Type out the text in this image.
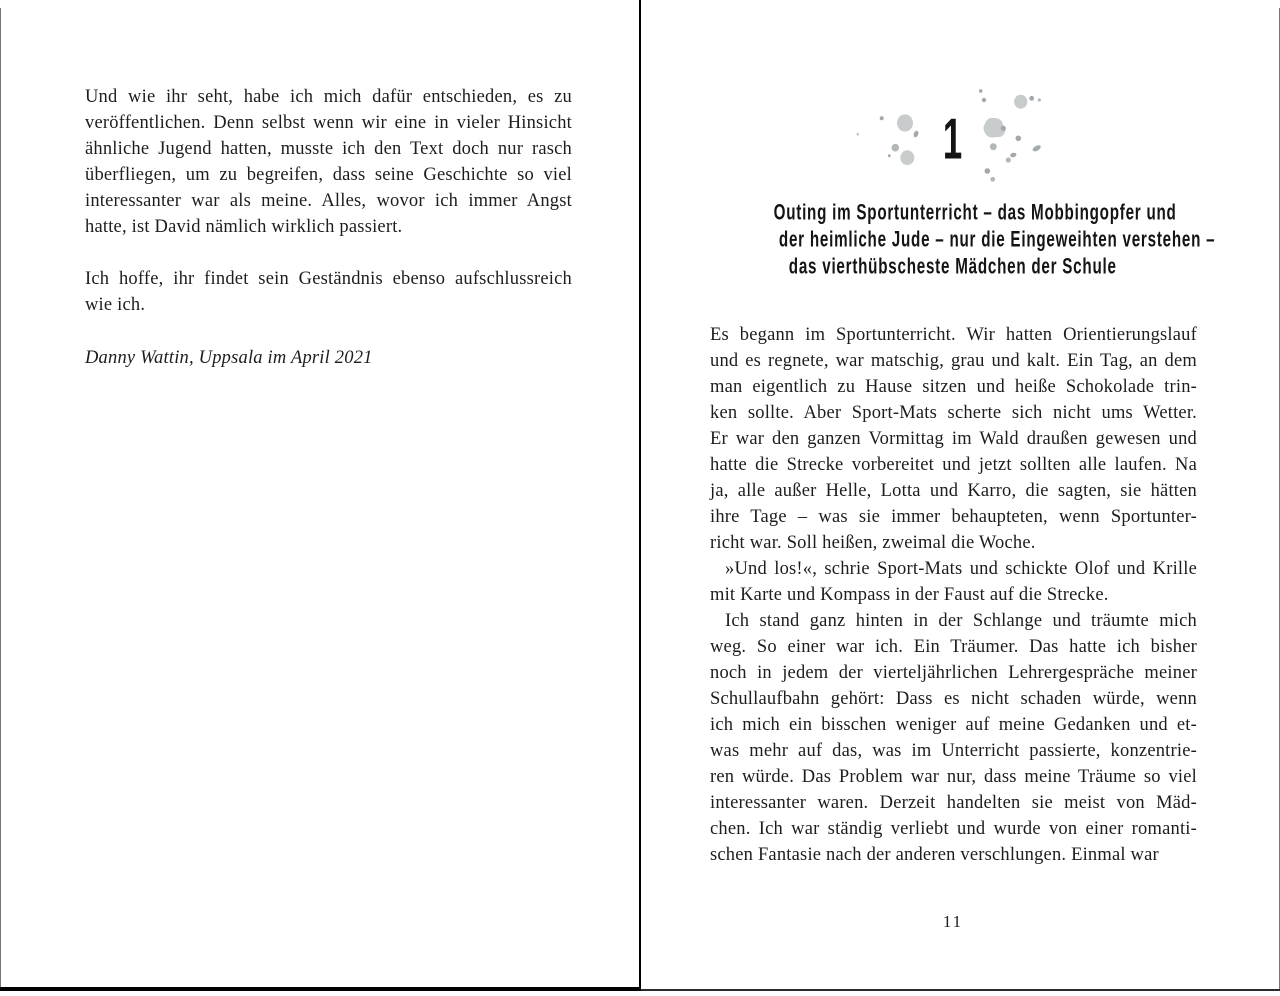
Und wie ihr seht, habe ich mich dafür entschieden, es zu
veröffentlichen. Denn selbst wenn wir eine in vieler Hinsicht
ähnliche Jugend hatten, musste ich den Text doch nur rasch
überfliegen, um zu begreifen, dass seine Geschichte so viel
interessanter war als meine. Alles, wovor ich immer Angst
hatte, ist David nämlich wirklich passiert.
Ich hoffe, ihr findet sein Geständnis ebenso aufschlussreich
wie ich.
Danny Wattin, Uppsala im April 2021
1
Outing im Sportunterricht – das Mobbingopfer und
der heimliche Jude – nur die Eingeweihten verstehen –
das vierthübscheste Mädchen der Schule
Es begann im Sportunterricht. Wir hatten Orientierungslauf
und es regnete, war matschig, grau und kalt. Ein Tag, an dem
man eigentlich zu Hause sitzen und heiße Schokolade trin-
ken sollte. Aber Sport-Mats scherte sich nicht ums Wetter.
Er war den ganzen Vormittag im Wald draußen gewesen und
hatte die Strecke vorbereitet und jetzt sollten alle laufen. Na
ja, alle außer Helle, Lotta und Karro, die sagten, sie hätten
ihre Tage – was sie immer behaupteten, wenn Sportunter-
richt war. Soll heißen, zweimal die Woche.
»Und los!«, schrie Sport-Mats und schickte Olof und Krille
mit Karte und Kompass in der Faust auf die Strecke.
Ich stand ganz hinten in der Schlange und träumte mich
weg. So einer war ich. Ein Träumer. Das hatte ich bisher
noch in jedem der vierteljährlichen Lehrergespräche meiner
Schullaufbahn gehört: Dass es nicht schaden würde, wenn
ich mich ein bisschen weniger auf meine Gedanken und et-
was mehr auf das, was im Unterricht passierte, konzentrie-
ren würde. Das Problem war nur, dass meine Träume so viel
interessanter waren. Derzeit handelten sie meist von Mäd-
chen. Ich war ständig verliebt und wurde von einer romanti-
schen Fantasie nach der anderen verschlungen. Einmal war
11
